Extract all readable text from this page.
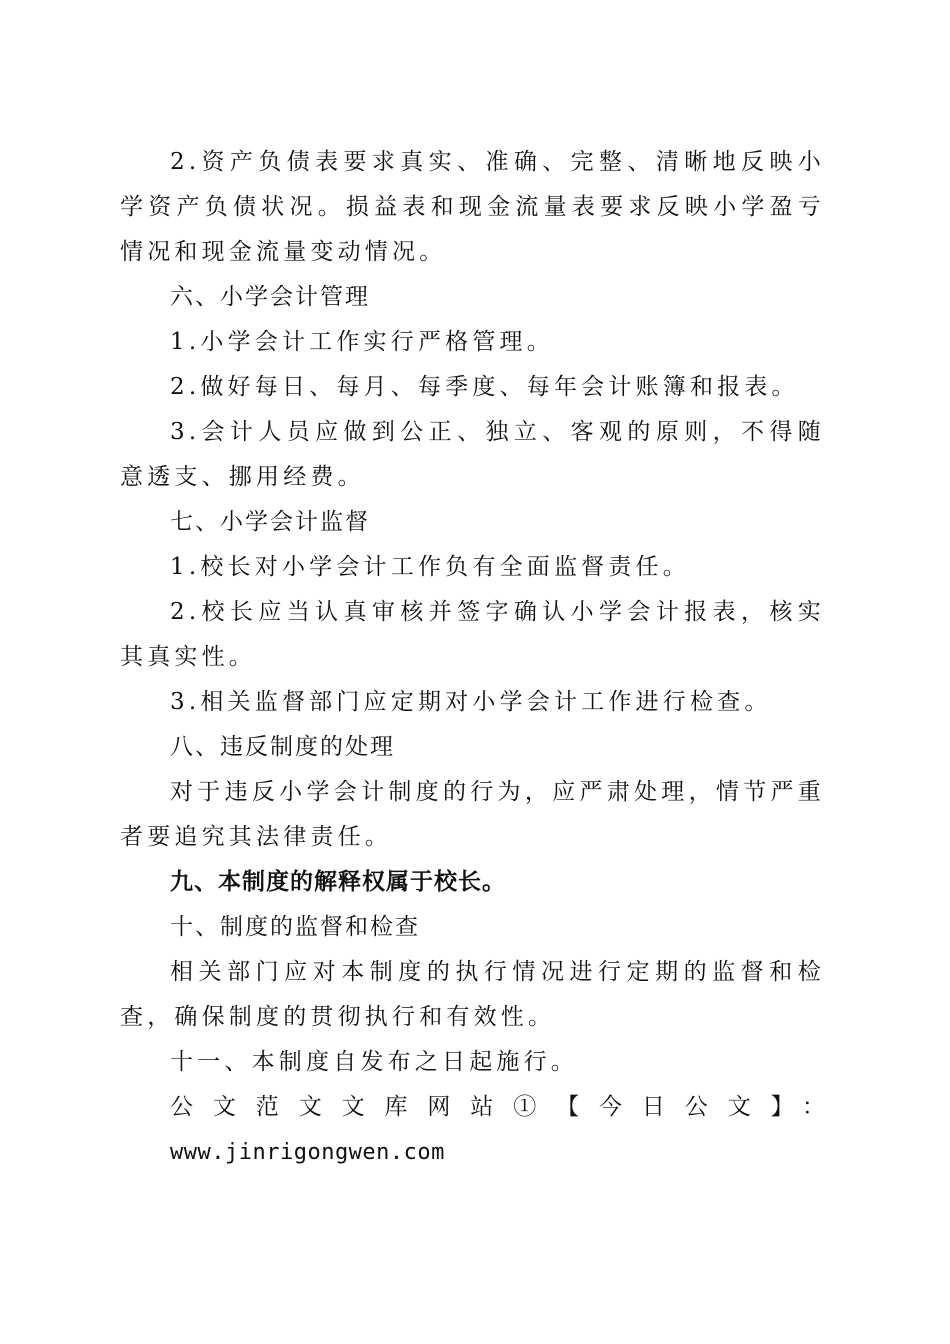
2.资产负债表要求真实、准确、完整、清晰地反映小学资产负债状况。损益表和现金流量表要求反映小学盈亏情况和现金流量变动情况。

六、小学会计管理

1.小学会计工作实行严格管理。

2.做好每日、每月、每季度、每年会计账簿和报表。

3.会计人员应做到公正、独立、客观的原则，不得随意透支、挪用经费。

七、小学会计监督

1.校长对小学会计工作负有全面监督责任。

2.校长应当认真审核并签字确认小学会计报表，核实其真实性。

3.相关监督部门应定期对小学会计工作进行检查。

八、违反制度的处理

对于违反小学会计制度的行为，应严肃处理，情节严重者要追究其法律责任。

九、本制度的解释权属于校长。

十、制度的监督和检查

相关部门应对本制度的执行情况进行定期的监督和检查，确保制度的贯彻执行和有效性。

十一、本制度自发布之日起施行。

公文范文文库网站①【今日公文】：

www.jinrigongwen.com
